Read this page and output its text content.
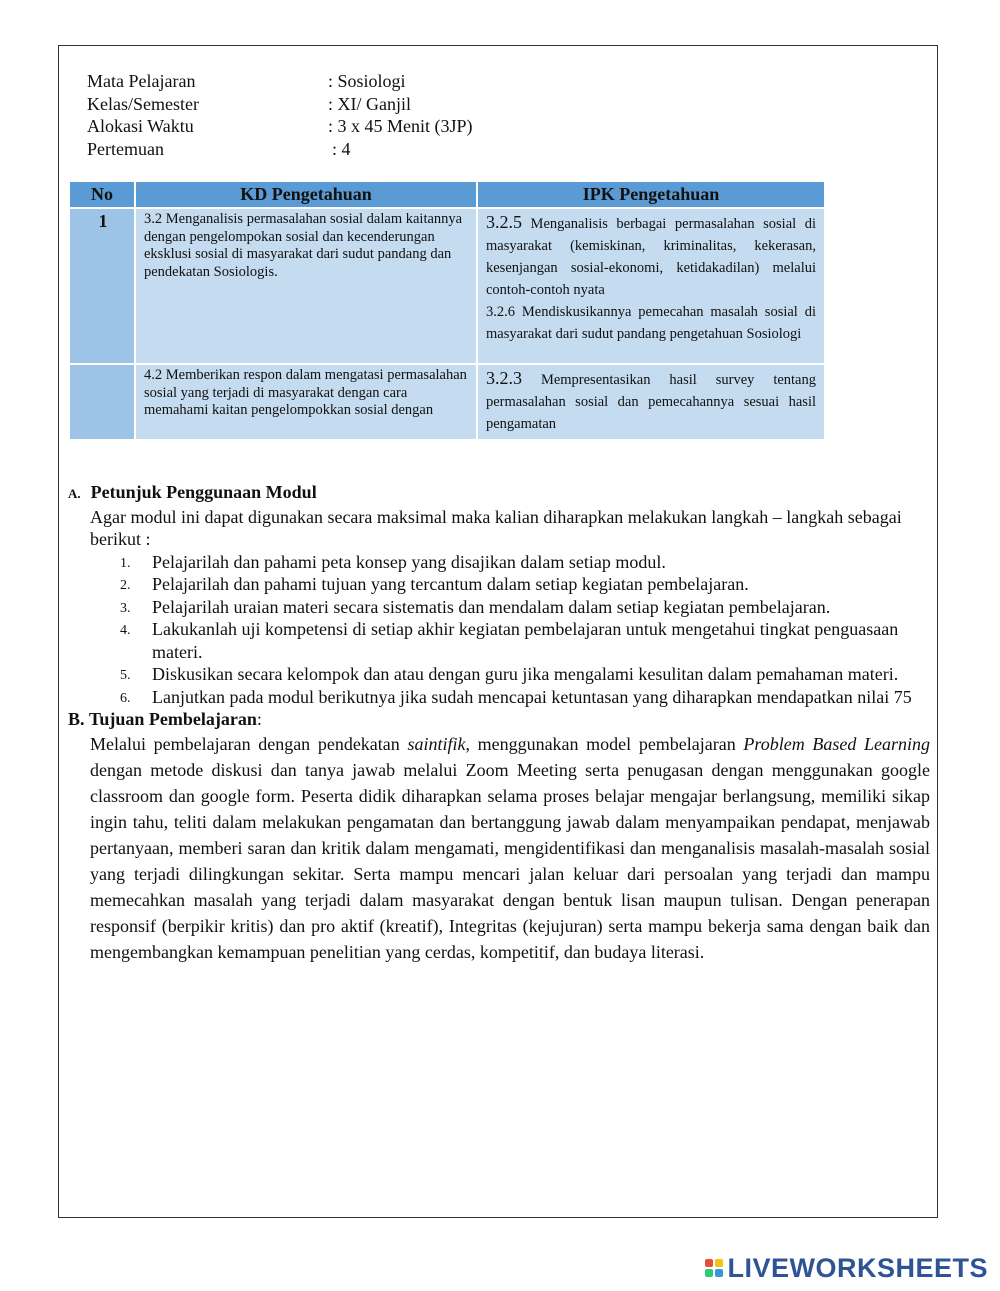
Mata Pelajaran	: Sosiologi
Kelas/Semester	: XI/ Ganjil
Alokasi Waktu	: 3 x 45 Menit (3JP)
Pertemuan	: 4
No	KD Pengetahuan	IPK Pengetahuan
1	3.2 Menganalisis permasalahan sosial dalam kaitannya dengan pengelompokan sosial dan kecenderungan eksklusi sosial di masyarakat dari sudut pandang dan pendekatan Sosiologis.	3.2.5 Menganalisis berbagai permasalahan sosial di masyarakat (kemiskinan, kriminalitas, kekerasan, kesenjangan sosial-ekonomi, ketidakadilan) melalui contoh-contoh nyata
3.2.6 Mendiskusikannya pemecahan masalah sosial di masyarakat dari sudut pandang pengetahuan Sosiologi
	4.2 Memberikan respon dalam mengatasi permasalahan sosial yang terjadi di masyarakat dengan cara memahami kaitan pengelompokkan sosial dengan	3.2.3 Mempresentasikan hasil survey tentang permasalahan sosial dan pemecahannya sesuai hasil pengamatan
A. Petunjuk Penggunaan Modul
Agar modul ini dapat digunakan secara maksimal maka kalian diharapkan melakukan langkah – langkah sebagai berikut :
1. Pelajarilah dan pahami peta konsep yang disajikan dalam setiap modul.
2. Pelajarilah dan pahami tujuan yang tercantum dalam setiap kegiatan pembelajaran.
3. Pelajarilah uraian materi secara sistematis dan mendalam dalam setiap kegiatan pembelajaran.
4. Lakukanlah uji kompetensi di setiap akhir kegiatan pembelajaran untuk mengetahui tingkat penguasaan materi.
5. Diskusikan secara kelompok dan atau dengan guru jika mengalami kesulitan dalam pemahaman materi.
6. Lanjutkan pada modul berikutnya jika sudah mencapai ketuntasan yang diharapkan mendapatkan nilai 75
B. Tujuan Pembelajaran:
Melalui pembelajaran dengan pendekatan saintifik, menggunakan model pembelajaran Problem Based Learning dengan metode diskusi dan tanya jawab melalui Zoom Meeting serta penugasan dengan menggunakan google classroom dan google form. Peserta didik diharapkan selama proses belajar mengajar berlangsung, memiliki sikap ingin tahu, teliti dalam melakukan pengamatan dan bertanggung jawab dalam menyampaikan pendapat, menjawab pertanyaan, memberi saran dan kritik dalam mengamati, mengidentifikasi dan menganalisis masalah-masalah sosial yang terjadi dilingkungan sekitar. Serta mampu mencari jalan keluar dari persoalan yang terjadi dan mampu memecahkan masalah yang terjadi dalam masyarakat dengan bentuk lisan maupun tulisan. Dengan penerapan responsif (berpikir kritis) dan pro aktif (kreatif), Integritas (kejujuran) serta mampu bekerja sama dengan baik dan mengembangkan kemampuan penelitian yang cerdas, kompetitif, dan budaya literasi.
LIVEWORKSHEETS
